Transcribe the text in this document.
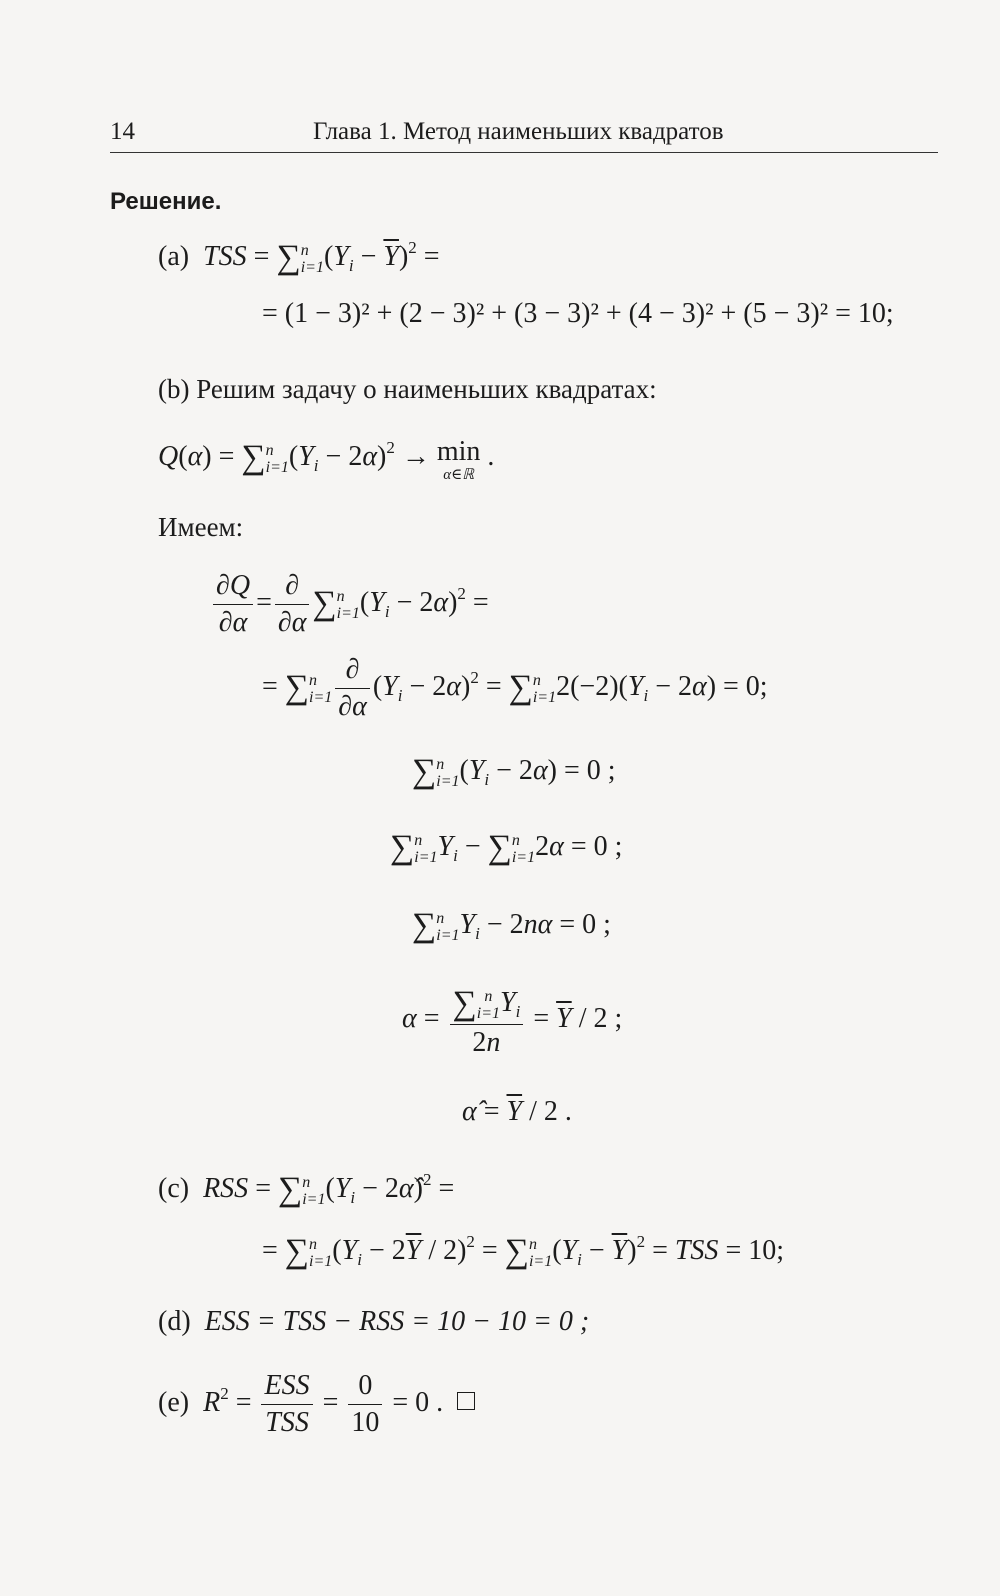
14	Глава 1. Метод наименьших квадратов
Решение.
(a) TSS = ∑ n
i=1 $(Y_i - \overline{Y})^2$ =
= (1 − 3)² + (2 − 3)² + (3 − 3)² + (4 − 3)² + (5 − 3)² = 10;
(b) Решим задачу о наименьших квадратах:
Q(α) = ∑ n
i=1 $(Y_i - 2\alpha)^2 \to \min$
α∈ℝ
.
Имеем:
$\frac{\partial Q}{\partial\alpha} = \frac{\partial}{\partial\alpha}$ ∑ n
i=1 $(Y_i - 2\alpha)^2$ =
= ∑ n
$i=1 \frac{\partial}{\partial\alpha} (Y_i - 2\alpha)^2$ = ∑ n
i=1 $2(-2)(Y_i - 2\alpha) = 0$;
∑ n
i=1 $(Y_i - 2\alpha) = 0$ ;
∑ n
i=1 $Y_i$ − ∑ n
i=1 2α = 0 ;
∑ n
i=1 $Y_i - 2n\alpha = 0$ ;
α = ∑ n
i=1 $Y_i$
$2n = \overline{Y} / 2$ ;
α̂ = $\overline{Y} / 2$ .
(c) RSS = ∑ n
i=1 ($Y_i$ − 2α̂)$^2$ =
= ∑ n
i=1 $(Y_i - 2\overline{Y} / 2)^2$ = ∑ n
i=1 $(Y_i - \overline{Y})^2$ = TSS = 10;
(d) ESS = TSS − RSS = 10 − 10 = 0 ;
(e) $R^2 = \frac{\text{ESS}}{\text{TSS}} = \frac{0}{10} = 0$ .
